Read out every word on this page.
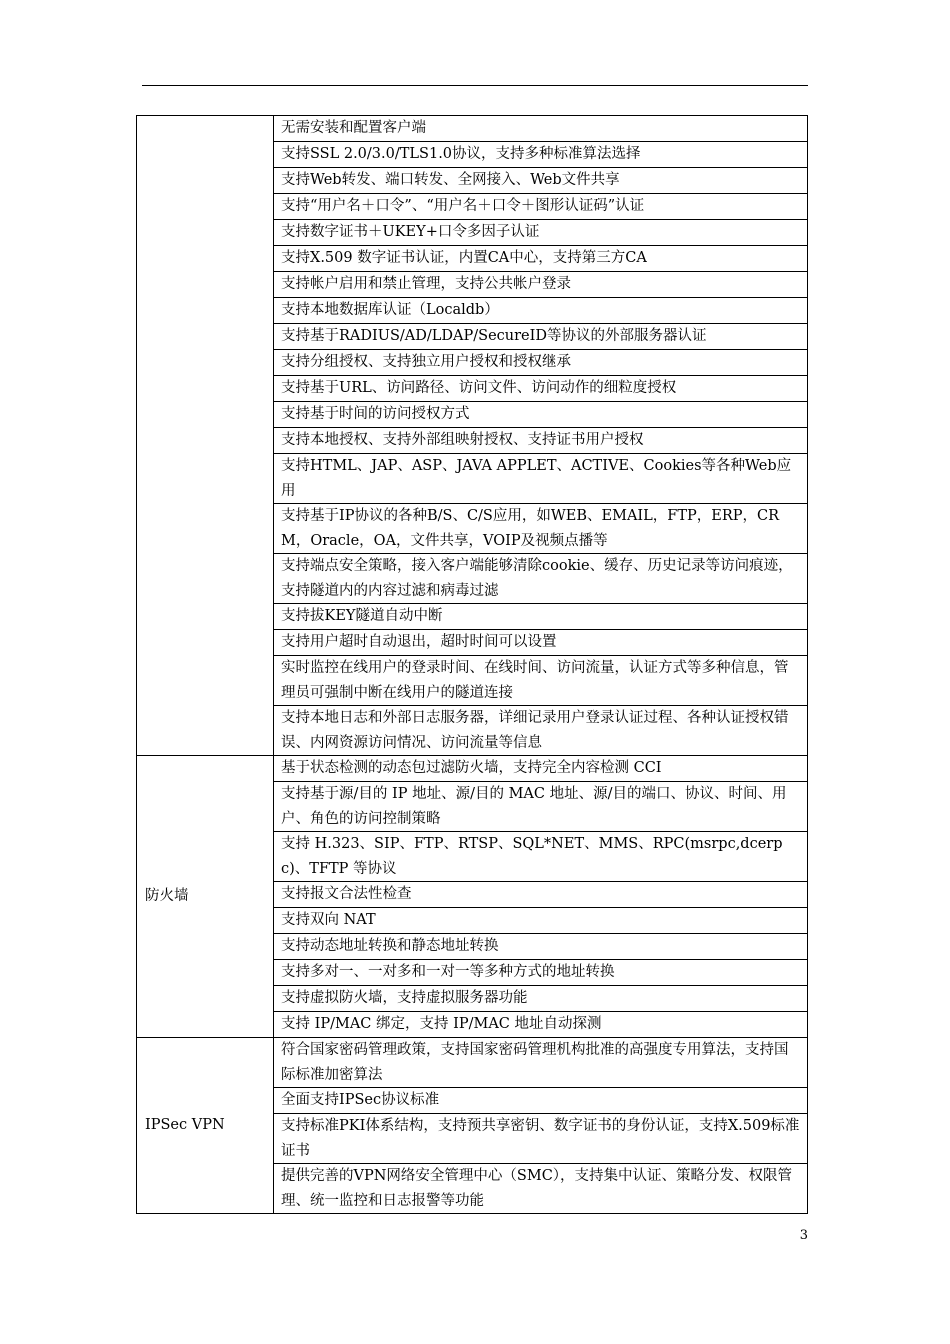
	无需安装和配置客户端
	支持SSL 2.0/3.0/TLS1.0协议，支持多种标准算法选择
	支持Web转发、端口转发、全网接入、Web文件共享
	支持“用户名＋口令”、“用户名＋口令＋图形认证码”认证
	支持数字证书＋UKEY+口令多因子认证
	支持X.509 数字证书认证，内置CA中心，支持第三方CA
	支持帐户启用和禁止管理，支持公共帐户登录
	支持本地数据库认证（Localdb）
	支持基于RADIUS/AD/LDAP/SecureID等协议的外部服务器认证
	支持分组授权、支持独立用户授权和授权继承
	支持基于URL、访问路径、访问文件、访问动作的细粒度授权
	支持基于时间的访问授权方式
	支持本地授权、支持外部组映射授权、支持证书用户授权
	支持HTML、JAP、ASP、JAVA APPLET、ACTIVE、Cookies等各种Web应用
	支持基于IP协议的各种B/S、C/S应用，如WEB、EMAIL，FTP，ERP，CRM，Oracle，OA，文件共享，VOIP及视频点播等
	支持端点安全策略，接入客户端能够清除cookie、缓存、历史记录等访问痕迹，支持隧道内的内容过滤和病毒过滤
	支持拔KEY隧道自动中断
	支持用户超时自动退出，超时时间可以设置
	实时监控在线用户的登录时间、在线时间、访问流量，认证方式等多种信息，管理员可强制中断在线用户的隧道连接
	支持本地日志和外部日志服务器，详细记录用户登录认证过程、各种认证授权错误、内网资源访问情况、访问流量等信息
防火墙	基于状态检测的动态包过滤防火墙，支持完全内容检测 CCI
	支持基于源/目的 IP 地址、源/目的 MAC 地址、源/目的端口、协议、时间、用户、角色的访问控制策略
	支持 H.323、SIP、FTP、RTSP、SQL*NET、MMS、RPC(msrpc,dcerpc)、TFTP 等协议
	支持报文合法性检查
	支持双向 NAT
	支持动态地址转换和静态地址转换
	支持多对一、一对多和一对一等多种方式的地址转换
	支持虚拟防火墙，支持虚拟服务器功能
	支持 IP/MAC 绑定，支持 IP/MAC 地址自动探测
IPSec VPN	符合国家密码管理政策，支持国家密码管理机构批准的高强度专用算法，支持国际标准加密算法
	全面支持IPSec协议标准
	支持标准PKI体系结构，支持预共享密钥、数字证书的身份认证，支持X.509标准证书
	提供完善的VPN网络安全管理中心（SMC），支持集中认证、策略分发、权限管理、统一监控和日志报警等功能
3
